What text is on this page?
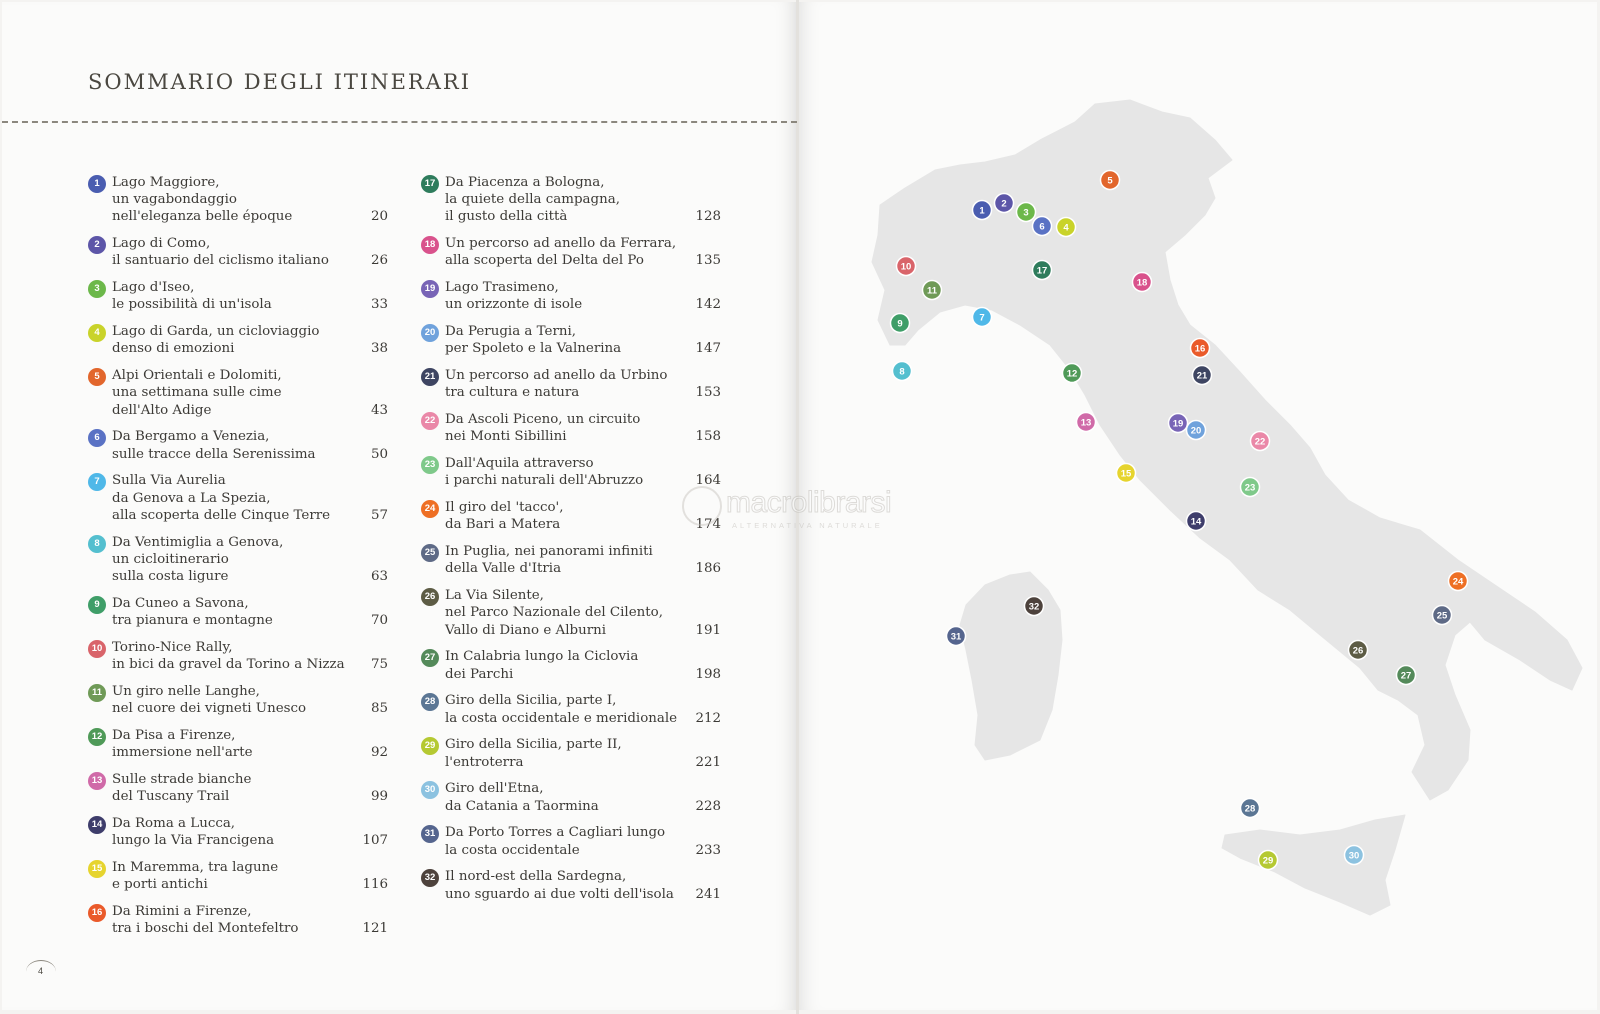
SOMMARIO DEGLI ITINERARI
1 Lago Maggiore,
un vagabondaggio
nell'eleganza belle époque	20
2 Lago di Como,
il santuario del ciclismo italiano	26
3 Lago d'Iseo,
le possibilità di un'isola	33
4 Lago di Garda, un cicloviaggio
denso di emozioni	38
5 Alpi Orientali e Dolomiti,
una settimana sulle cime
dell'Alto Adige	43
6 Da Bergamo a Venezia,
sulle tracce della Serenissima	50
7 Sulla Via Aurelia
da Genova a La Spezia,
alla scoperta delle Cinque Terre	57
8 Da Ventimiglia a Genova,
un cicloitinerario
sulla costa ligure	63
9 Da Cuneo a Savona,
tra pianura e montagne	70
10 Torino-Nice Rally,
in bici da gravel da Torino a Nizza 75
11 Un giro nelle Langhe,
nel cuore dei vigneti Unesco	85
12 Da Pisa a Firenze,
immersione nell'arte	92
13 Sulle strade bianche
del Tuscany Trail	99
14 Da Roma a Lucca,
lungo la Via Francigena	107
15 In Maremma, tra lagune
e porti antichi	116
16 Da Rimini a Firenze,
tra i boschi del Montefeltro	121
17 Da Piacenza a Bologna,
la quiete della campagna,
il gusto della città	128
18 Un percorso ad anello da Ferrara,
alla scoperta del Delta del Po	135
19 Lago Trasimeno,
un orizzonte di isole	142
20 Da Perugia a Terni,
per Spoleto e la Valnerina	147
21 Un percorso ad anello da Urbino
tra cultura e natura	153
22 Da Ascoli Piceno, un circuito
nei Monti Sibillini	158
23 Dall'Aquila attraverso
i parchi naturali dell'Abruzzo	164
24 Il giro del 'tacco',
da Bari a Matera	174
25 In Puglia, nei panorami infiniti
della Valle d'Itria	186
26 La Via Silente,
nel Parco Nazionale del Cilento,
Vallo di Diano e Alburni	191
27 In Calabria lungo la Ciclovia
dei Parchi	198
28 Giro della Sicilia, parte I,
la costa occidentale e meridionale 212
29 Giro della Sicilia, parte II,
l'entroterra	221
30 Giro dell'Etna,
da Catania a Taormina	228
31 Da Porto Torres a Cagliari lungo
la costa occidentale	233
32 Il nord-est della Sardegna,
uno sguardo ai due volti dell'isola 241
4
1
2
3
4
5
6
7
8
9
10
11
12
13
14
15
16
17
18
19
20
21
22
23
24
25
26
27
28
29	30
31
32
macrolibrarsi
ALTERNATIVA NATURALE
